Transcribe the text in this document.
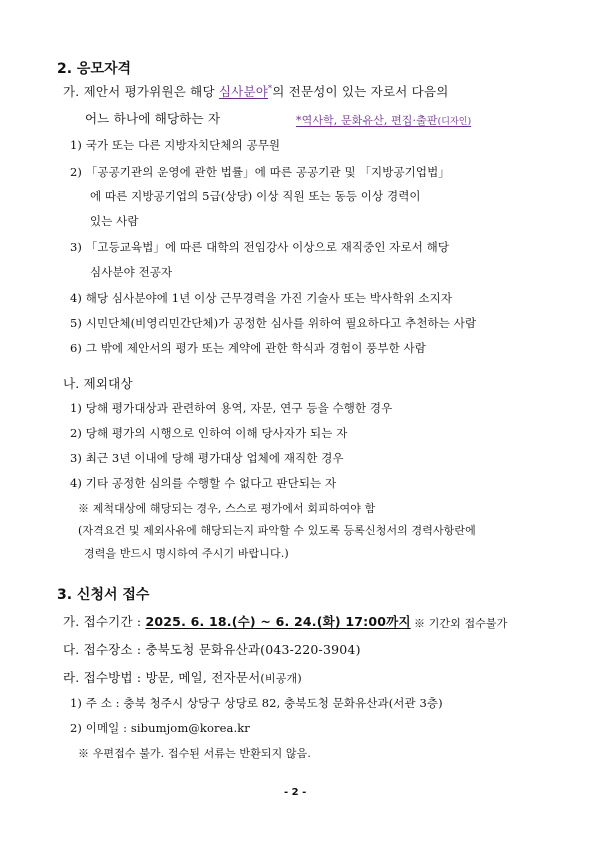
2. 응모자격
가. 제안서 평가위원은 해당 심사분야*의 전문성이 있는 자로서 다음의
어느 하나에 해당하는 자	*역사학, 문화유산, 편집·출판(디자인)
1) 국가 또는 다른 지방자치단체의 공무원
2) 「공공기관의 운영에 관한 법률」에 따른 공공기관 및 「지방공기업법」
에 따른 지방공기업의 5급(상당) 이상 직원 또는 동등 이상 경력이
있는 사람
3) 「고등교육법」에 따른 대학의 전임강사 이상으로 재직중인 자로서 해당
심사분야 전공자
4) 해당 심사분야에 1년 이상 근무경력을 가진 기술사 또는 박사학위 소지자
5) 시민단체(비영리민간단체)가 공정한 심사를 위하여 필요하다고 추천하는 사람
6) 그 밖에 제안서의 평가 또는 계약에 관한 학식과 경험이 풍부한 사람
나. 제외대상
1) 당해 평가대상과 관련하여 용역, 자문, 연구 등을 수행한 경우
2) 당해 평가의 시행으로 인하여 이해 당사자가 되는 자
3) 최근 3년 이내에 당해 평가대상 업체에 재직한 경우
4) 기타 공정한 심의를 수행할 수 없다고 판단되는 자
※ 제척대상에 해당되는 경우, 스스로 평가에서 회피하여야 함
(자격요건 및 제외사유에 해당되는지 파악할 수 있도록 등록신청서의 경력사항란에
경력을 반드시 명시하여 주시기 바랍니다.)
3. 신청서 접수
가. 접수기간 : 2025. 6. 18.(수) ~ 6. 24.(화) 17:00까지 ※ 기간외 접수불가
다. 접수장소 : 충북도청 문화유산과(043-220-3904)
라. 접수방법 : 방문, 메일, 전자문서(비공개)
1) 주 소 : 충북 청주시 상당구 상당로 82, 충북도청 문화유산과(서관 3층)
2) 이메일 : sibumjom@korea.kr
※ 우편접수 불가. 접수된 서류는 반환되지 않음.
- 2 -
